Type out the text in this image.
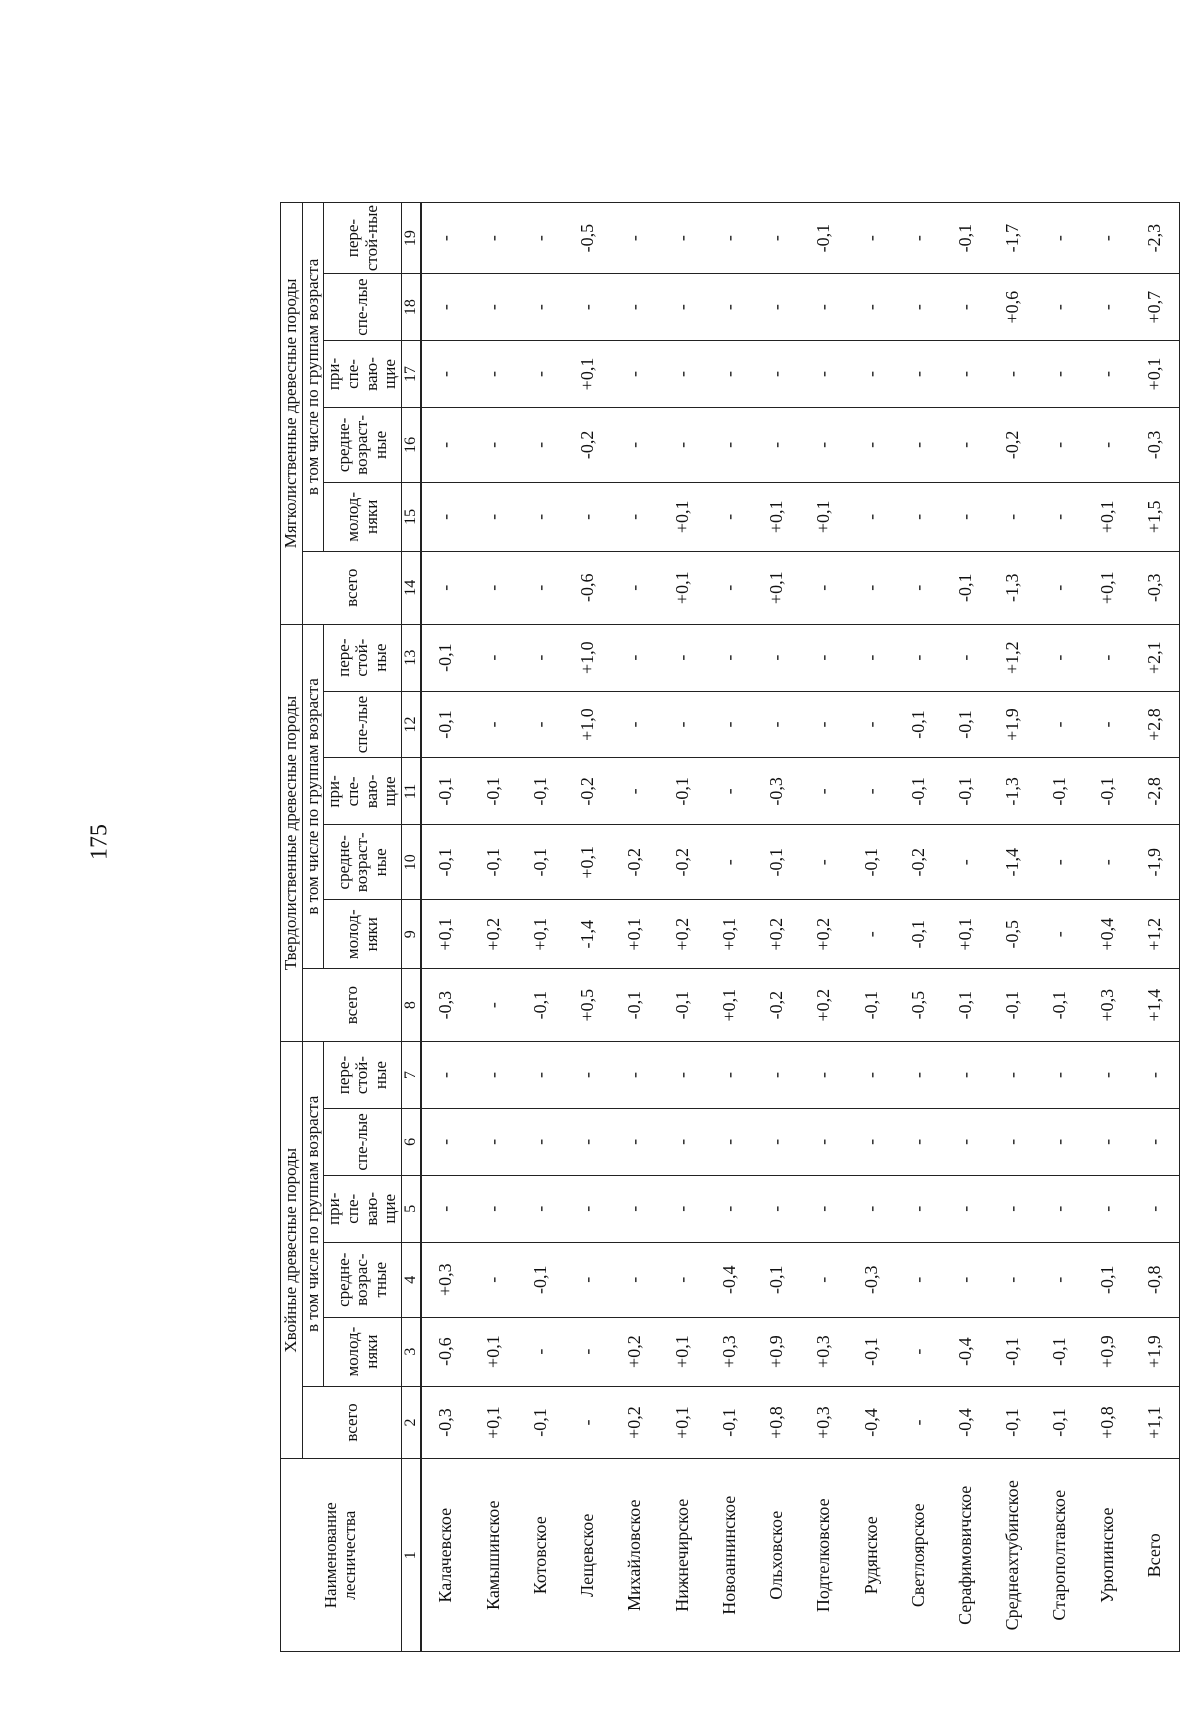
175
Наименование лесничества	Хвойные древесные породы						Твердолиственные древесные породы						Мягколиственные древесные породы					
	всего	в том числе по группам возраста					всего	в том числе по группам возраста					всего	в том числе по группам возраста				
		молод-няки	средне-возрас-тные	при-спе-ваю-щие	спе-лые	пере-стой-ные		молод-няки	средне-возраст-ные	при-спе-ваю-щие	спе-лые	пере-стой-ные		молод-няки	средне-возраст-ные	при-спе-ваю-щие	спе-лые	пере-стой-ные
1	2	3	4	5	6	7	8	9	10	11	12	13	14	15	16	17	18	19
Калачевское	-0,3	-0,6	+0,3	-	-	-	-0,3	+0,1	-0,1	-0,1	-0,1	-0,1	-	-	-	-	-	-
Камышинское	+0,1	+0,1	-	-	-	-	-	+0,2	-0,1	-0,1	-	-	-	-	-	-	-	-
Котовское	-0,1	-	-0,1	-	-	-	-0,1	+0,1	-0,1	-0,1	-	-	-	-	-	-	-	-
Лещевское	-	-	-	-	-	-	+0,5	-1,4	+0,1	-0,2	+1,0	+1,0	-0,6	-	-0,2	+0,1	-	-0,5
Михайловское	+0,2	+0,2	-	-	-	-	-0,1	+0,1	-0,2	-	-	-	-	-	-	-	-	-
Нижнечирское	+0,1	+0,1	-	-	-	-	-0,1	+0,2	-0,2	-0,1	-	-	+0,1	+0,1	-	-	-	-
Новоаннинское	-0,1	+0,3	-0,4	-	-	-	+0,1	+0,1	-	-	-	-	-	-	-	-	-	-
Ольховское	+0,8	+0,9	-0,1	-	-	-	-0,2	+0,2	-0,1	-0,3	-	-	+0,1	+0,1	-	-	-	-
Подтелковское	+0,3	+0,3	-	-	-	-	+0,2	+0,2	-	-	-	-	-	+0,1	-	-	-	-0,1
Рудянское	-0,4	-0,1	-0,3	-	-	-	-0,1	-	-0,1	-	-	-	-	-	-	-	-	-
Светлоярское	-	-	-	-	-	-	-0,5	-0,1	-0,2	-0,1	-0,1	-	-	-	-	-	-	-
Серафимовичское	-0,4	-0,4	-	-	-	-	-0,1	+0,1	-	-0,1	-0,1	-	-0,1	-	-	-	-	-0,1
Среднеахтубинское	-0,1	-0,1	-	-	-	-	-0,1	-0,5	-1,4	-1,3	+1,9	+1,2	-1,3	-	-0,2	-	+0,6	-1,7
Старополтавское	-0,1	-0,1	-	-	-	-	-0,1	-	-	-0,1	-	-	-	-	-	-	-	-
Урюпинское	+0,8	+0,9	-0,1	-	-	-	+0,3	+0,4	-	-0,1	-	-	+0,1	+0,1	-	-	-	-
Всего	+1,1	+1,9	-0,8	-	-	-	+1,4	+1,2	-1,9	-2,8	+2,8	+2,1	-0,3	+1,5	-0,3	+0,1	+0,7	-2,3
